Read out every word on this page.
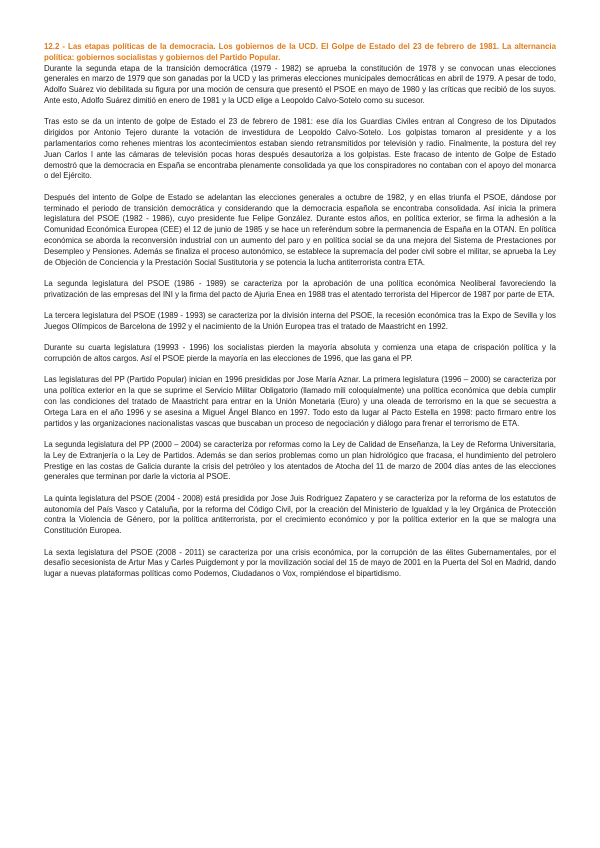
12.2 - Las etapas políticas de la democracia. Los gobiernos de la UCD. El Golpe de Estado del 23 de febrero de 1981. La alternancia política: gobiernos socialistas y gobiernos del Partido Popular.

Durante la segunda etapa de la transición democrática (1979 - 1982) se aprueba la constitución de 1978 y se convocan unas elecciones generales en marzo de 1979 que son ganadas por la UCD y las primeras elecciones municipales democráticas en abril de 1979. A pesar de todo, Adolfo Suárez vio debilitada su figura por una moción de censura que presentó el PSOE en mayo de 1980 y las críticas que recibió de los suyos. Ante esto, Adolfo Suárez dimitió en enero de 1981 y la UCD elige a Leopoldo Calvo-Sotelo como su sucesor.

Tras esto se da un intento de golpe de Estado el 23 de febrero de 1981: ese día los Guardias Civiles entran al Congreso de los Diputados dirigidos por Antonio Tejero durante la votación de investidura de Leopoldo Calvo-Sotelo. Los golpistas tomaron al presidente y a los parlamentarios como rehenes mientras los acontecimientos estaban siendo retransmitidos por televisión y radio. Finalmente, la postura del rey Juan Carlos I ante las cámaras de televisión pocas horas después desautoriza a los golpistas. Este fracaso de intento de Golpe de Estado demostró que la democracia en España se encontraba plenamente consolidada ya que los conspiradores no contaban con el apoyo del monarca o del Ejército.

Después del intento de Golpe de Estado se adelantan las elecciones generales a octubre de 1982, y en ellas triunfa el PSOE, dándose por terminado el periodo de transición democrática y considerando que la democracia española se encontraba consolidada. Así inicia la primera legislatura del PSOE (1982 - 1986), cuyo presidente fue Felipe González. Durante estos años, en política exterior, se firma la adhesión a la Comunidad Económica Europea (CEE) el 12 de junio de 1985 y se hace un referéndum sobre la permanencia de España en la OTAN. En política económica se aborda la reconversión industrial con un aumento del paro y en política social se da una mejora del Sistema de Prestaciones por Desempleo y Pensiones. Además se finaliza el proceso autonómico, se establece la supremacía del poder civil sobre el militar, se aprueba la Ley de Objeción de Conciencia y la Prestación Social Sustitutoria y se potencia la lucha antiterrorista contra ETA.

La segunda legislatura del PSOE (1986 - 1989) se caracteriza por la aprobación de una política económica Neoliberal favoreciendo la privatización de las empresas del INI y la firma del pacto de Ajuria Enea en 1988 tras el atentado terrorista del Hipercor de 1987 por parte de ETA.

La tercera legislatura del PSOE (1989 - 1993) se caracteriza por la división interna del PSOE, la recesión económica tras la Expo de Sevilla y los Juegos Olímpicos de Barcelona de 1992 y el nacimiento de la Unión Europea tras el tratado de Maastricht en 1992.

Durante su cuarta legislatura (19993 - 1996) los socialistas pierden la mayoría absoluta y comienza una etapa de crispación política y la corrupción de altos cargos. Así el PSOE pierde la mayoría en las elecciones de 1996, que las gana el PP.

Las legislaturas del PP (Partido Popular) inician en 1996 presididas por Jose María Aznar. La primera legislatura (1996 – 2000) se caracteriza por una política exterior en la que se suprime el Servicio Militar Obligatorio (llamado mili coloquialmente) una política económica que debía cumplir con las condiciones del tratado de Maastricht para entrar en la Unión Monetaria (Euro) y una oleada de terrorismo en la que se secuestra a Ortega Lara en el año 1996 y se asesina a Miguel Ángel Blanco en 1997. Todo esto da lugar al Pacto Estella en 1998: pacto firmaro entre los partidos y las organizaciones nacionalistas vascas que buscaban un proceso de negociación y diálogo para frenar el terrorismo de ETA.

La segunda legislatura del PP (2000 – 2004) se caracteriza por reformas como la Ley de Calidad de Enseñanza, la Ley de Reforma Universitaria, la Ley de Extranjería o la Ley de Partidos. Además se dan serios problemas como un plan hidrológico que fracasa, el hundimiento del petrolero Prestige en las costas de Galicia durante la crisis del petróleo y los atentados de Atocha del 11 de marzo de 2004 días antes de las elecciones generales que terminan por darle la victoria al PSOE.

La quinta legislatura del PSOE (2004 - 2008) está presidida por Jose Juis Rodriguez Zapatero y se caracteriza por la reforma de los estatutos de autonomía del País Vasco y Cataluña, por la reforma del Código Civil, por la creación del Ministerio de Igualdad y la ley Orgánica de Protección contra la Violencia de Género, por la política antiterrorista, por el crecimiento económico y por la política exterior en la que se malogra una Constitución Europea.

La sexta legislatura del PSOE (2008 - 2011) se caracteriza por una crisis económica, por la corrupción de las élites Gubernamentales, por el desafío secesionista de Artur Mas y Carles Puigdemont y por la movilización social del 15 de mayo de 2001 en la Puerta del Sol en Madrid, dando lugar a nuevas plataformas políticas como Podemos, Ciudadanos o Vox, rompiéndose el bipartidismo.
